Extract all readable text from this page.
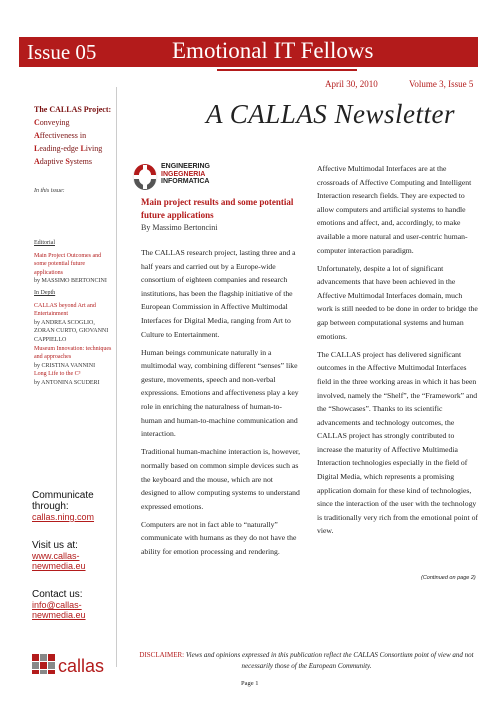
Issue 05	Emotional IT Fellows
April 30, 2010	Volume 3, Issue 5
A CALLAS Newsletter
The CALLAS Project:
Conveying
Affectiveness in
Leading-edge Living
Adaptive Systems
In this issue:
Editorial
Main Project Outcomes and some potential future applications
by MASSIMO BERTONCINI
In Depth
CALLAS beyond Art and Entertainment
by ANDREA SCOGLIO, ZORAN CURTO, GIOVANNI CAPPIELLO
Museum Innovation: techniques and approaches
by CRISTINA VANNINI
Long Life to the C³
by ANTONINA SCUDERI
Communicate through:
callas.ning.com
Visit us at:
www.callas-newmedia.eu
Contact us:
info@callas-newmedia.eu
ENGINEERING
INGEGNERIA
INFORMATICA
Main project results and some potential future applications
By Massimo Bertoncini

The CALLAS research project, lasting three and a half years and carried out by a Europe-wide consortium of eighteen companies and research institutions, has been the flagship initiative of the European Commission in Affective Multimodal Interfaces for Digital Media, ranging from Art to Culture to Entertainment.

Human beings communicate naturally in a multimodal way, combining different “senses” like gesture, movements, speech and non-verbal expressions. Emotions and affectiveness play a key role in enriching the naturalness of human-to-human and human-to-machine communication and interaction.

Traditional human-machine interaction is, however, normally based on common simple devices such as the keyboard and the mouse, which are not designed to allow computing systems to understand expressed emotions.

Computers are not in fact able to “naturally” communicate with humans as they do not have the ability for emotion processing and rendering.

Affective Multimodal Interfaces are at the crossroads of Affective Computing and Intelligent Interaction research fields. They are expected to allow computers and artificial systems to handle emotions and affect, and, accordingly, to make available a more natural and user-centric human-computer interaction paradigm.

Unfortunately, despite a lot of significant advancements that have been achieved in the Affective Multimodal Interfaces domain, much work is still needed to be done in order to bridge the gap between computational systems and human emotions.

The CALLAS project has delivered significant outcomes in the Affective Multimodal Interfaces field in the three working areas in which it has been involved, namely the “Shelf”, the “Framework” and the “Showcases”. Thanks to its scientific advancements and technology outcomes, the CALLAS project has strongly contributed to increase the maturity of Affective Multimedia Interaction technologies especially in the field of Digital Media, which represents a promising application domain for these kind of technologies, since the interaction of the user with the technology is traditionally very rich from the emotional point of view.

(Continued on page 2)
callas
DISCLAIMER: Views and opinions expressed in this publication reflect the CALLAS Consortium point of view and not necessarily those of the European Community.
Page 1
